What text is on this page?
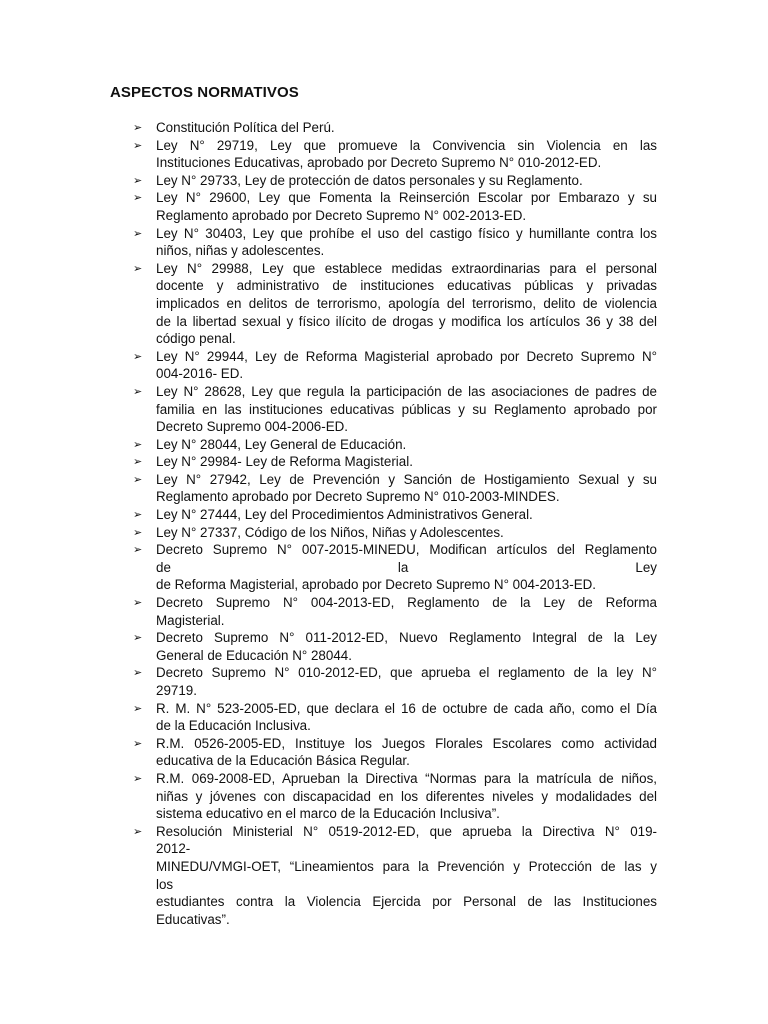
ASPECTOS NORMATIVOS
➢	Constitución Política del Perú.
➢	Ley N° 29719, Ley que promueve la Convivencia sin Violencia en las
Instituciones Educativas, aprobado por Decreto Supremo N° 010-2012-ED.
➢	Ley N° 29733, Ley de protección de datos personales y su Reglamento.
➢	Ley N° 29600, Ley que Fomenta la Reinserción Escolar por Embarazo y su
Reglamento aprobado por Decreto Supremo N° 002-2013-ED.
➢	Ley N° 30403, Ley que prohíbe el uso del castigo físico y humillante contra los
niños, niñas y adolescentes.
➢	Ley N° 29988, Ley que establece medidas extraordinarias para el personal
docente y administrativo de instituciones educativas públicas y privadas
implicados en delitos de terrorismo, apología del terrorismo, delito de violencia
de la libertad sexual y físico ilícito de drogas y modifica los artículos 36 y 38 del
código penal.
➢	Ley N° 29944, Ley de Reforma Magisterial aprobado por Decreto Supremo N°
004-2016- ED.
➢	Ley N° 28628, Ley que regula la participación de las asociaciones de padres de
familia en las instituciones educativas públicas y su Reglamento aprobado por
Decreto Supremo 004-2006-ED.
➢	Ley N° 28044, Ley General de Educación.
➢	Ley N° 29984- Ley de Reforma Magisterial.
➢	Ley N° 27942, Ley de Prevención y Sanción de Hostigamiento Sexual y su
Reglamento aprobado por Decreto Supremo N° 010-2003-MINDES.
➢	Ley N° 27444, Ley del Procedimientos Administrativos General.
➢	Ley N° 27337, Código de los Niños, Niñas y Adolescentes.
➢	Decreto Supremo N° 007-2015-MINEDU, Modifican artículos del Reglamento
de la Ley
de Reforma Magisterial, aprobado por Decreto Supremo N° 004-2013-ED.
➢	Decreto Supremo N° 004-2013-ED, Reglamento de la Ley de Reforma
Magisterial.
➢	Decreto Supremo N° 011-2012-ED, Nuevo Reglamento Integral de la Ley
General de Educación N° 28044.
➢	Decreto Supremo N° 010-2012-ED, que aprueba el reglamento de la ley N°
29719.
➢	R. M. N° 523-2005-ED, que declara el 16 de octubre de cada año, como el Día
de la Educación Inclusiva.
➢	R.M. 0526-2005-ED, Instituye los Juegos Florales Escolares como actividad
educativa de la Educación Básica Regular.
➢	R.M. 069-2008-ED, Aprueban la Directiva “Normas para la matrícula de niños,
niñas y jóvenes con discapacidad en los diferentes niveles y modalidades del
sistema educativo en el marco de la Educación Inclusiva”.
➢	Resolución Ministerial N° 0519-2012-ED, que aprueba la Directiva N° 019-
2012-
MINEDU/VMGI-OET, “Lineamientos para la Prevención y Protección de las y
los
estudiantes contra la Violencia Ejercida por Personal de las Instituciones
Educativas”.
